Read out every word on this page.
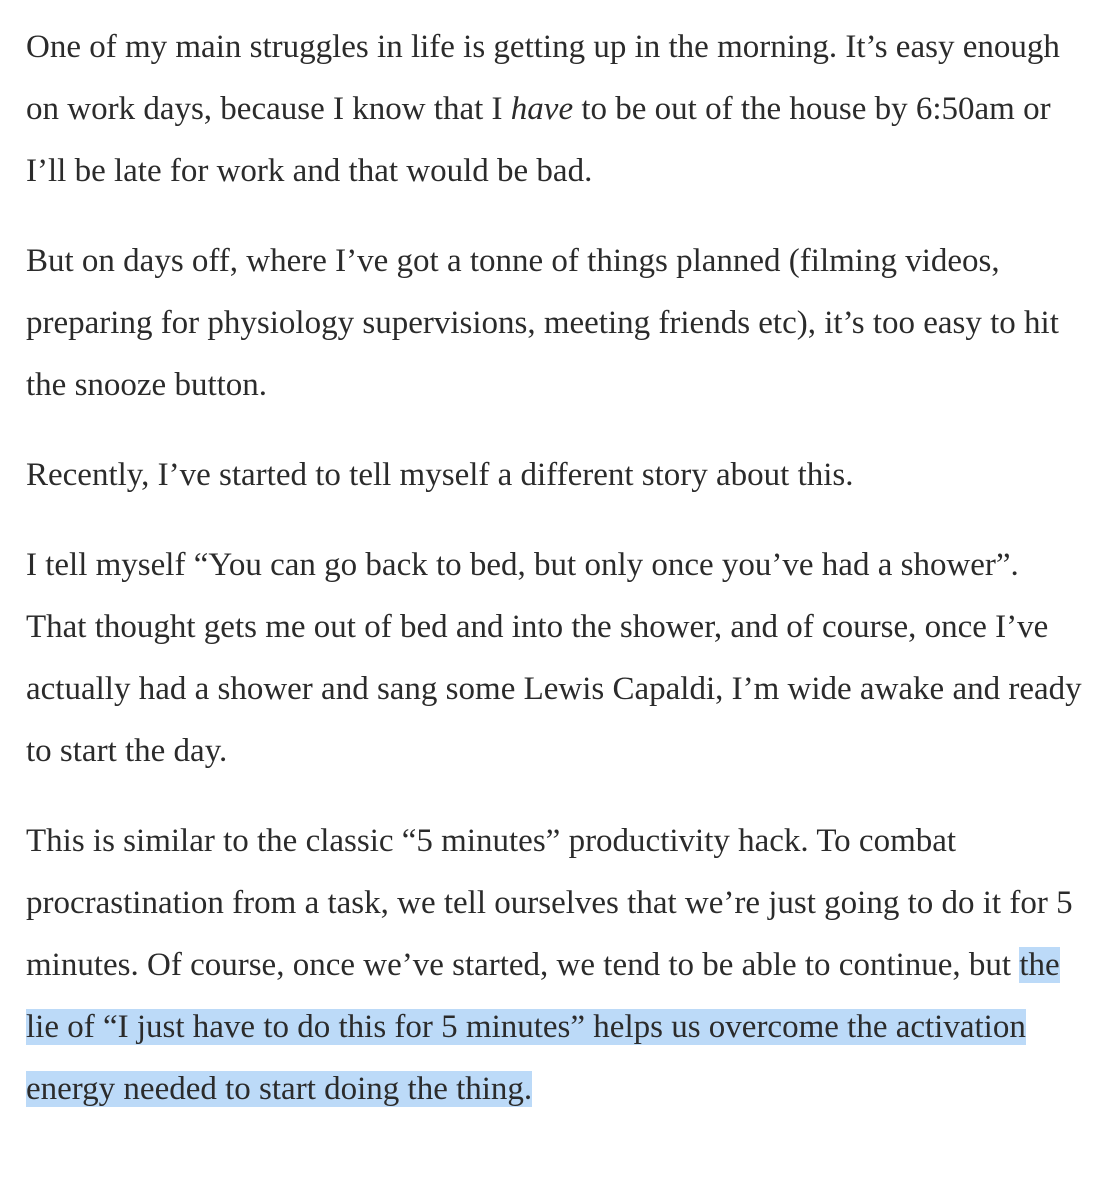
One of my main struggles in life is getting up in the morning. It’s easy enough on work days, because I know that I have to be out of the house by 6:50am or I’ll be late for work and that would be bad.

But on days off, where I’ve got a tonne of things planned (filming videos, preparing for physiology supervisions, meeting friends etc), it’s too easy to hit the snooze button.

Recently, I’ve started to tell myself a different story about this.

I tell myself “You can go back to bed, but only once you’ve had a shower”. That thought gets me out of bed and into the shower, and of course, once I’ve actually had a shower and sang some Lewis Capaldi, I’m wide awake and ready to start the day.

This is similar to the classic “5 minutes” productivity hack. To combat procrastination from a task, we tell ourselves that we’re just going to do it for 5 minutes. Of course, once we’ve started, we tend to be able to continue, but the lie of “I just have to do this for 5 minutes” helps us overcome the activation energy needed to start doing the thing.
